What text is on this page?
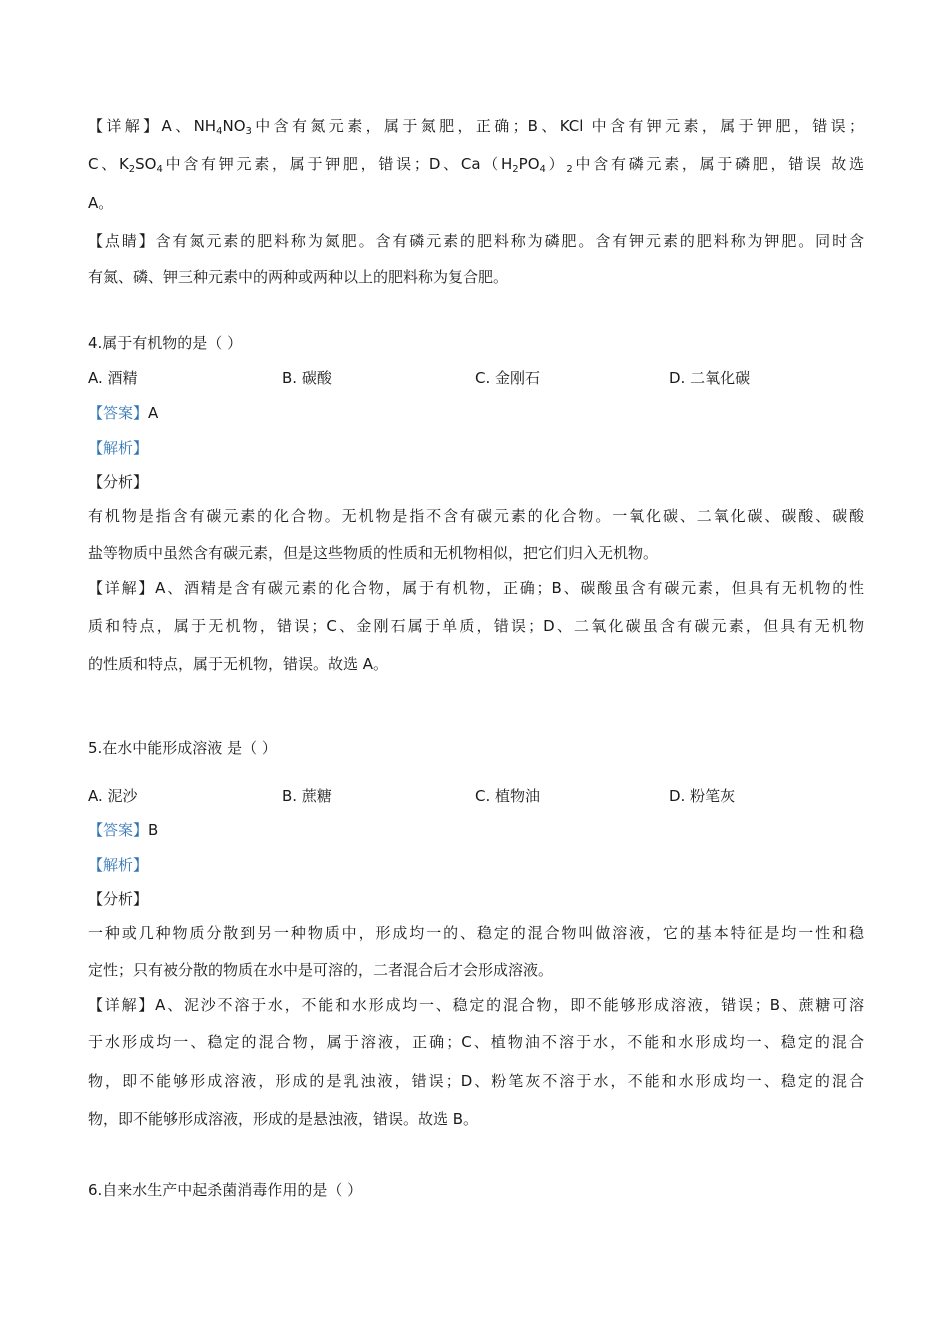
【详解】A、$NH_4NO_3$中含有氮元素，属于氮肥，正确；B、KCl 中含有钾元素，属于钾肥，错误；
C、$K_2SO_4$中含有钾元素，属于钾肥，错误；D、$Ca(H_2PO_4)_2$中含有磷元素，属于磷肥，错误 故选
A。
【点睛】含有氮元素的肥料称为氮肥。含有磷元素的肥料称为磷肥。含有钾元素的肥料称为钾肥。同时含
有氮、磷、钾三种元素中的两种或两种以上的肥料称为复合肥。
4.属于有机物的是（ ）
A. 酒精	B. 碳酸	C. 金刚石	D. 二氧化碳
【答案】A
【解析】
【分析】
有机物是指含有碳元素的化合物。无机物是指不含有碳元素的化合物。一氧化碳、二氧化碳、碳酸、碳酸
盐等物质中虽然含有碳元素，但是这些物质的性质和无机物相似，把它们归入无机物。
【详解】A、酒精是含有碳元素的化合物，属于有机物，正确；B、碳酸虽含有碳元素，但具有无机物的性
质和特点，属于无机物，错误；C、金刚石属于单质，错误；D、二氧化碳虽含有碳元素，但具有无机物
的性质和特点，属于无机物，错误。故选 A。
5.在水中能形成溶液 是（ ）
A. 泥沙	B. 蔗糖	C. 植物油	D. 粉笔灰
【答案】B
【解析】
【分析】
一种或几种物质分散到另一种物质中，形成均一的、稳定的混合物叫做溶液，它的基本特征是均一性和稳
定性；只有被分散的物质在水中是可溶的，二者混合后才会形成溶液。
【详解】A、泥沙不溶于水，不能和水形成均一、稳定的混合物，即不能够形成溶液，错误；B、蔗糖可溶
于水形成均一、稳定的混合物，属于溶液，正确；C、植物油不溶于水，不能和水形成均一、稳定的混合
物，即不能够形成溶液，形成的是乳浊液，错误；D、粉笔灰不溶于水，不能和水形成均一、稳定的混合
物，即不能够形成溶液，形成的是悬浊液，错误。故选 B。
6.自来水生产中起杀菌消毒作用的是（ ）
